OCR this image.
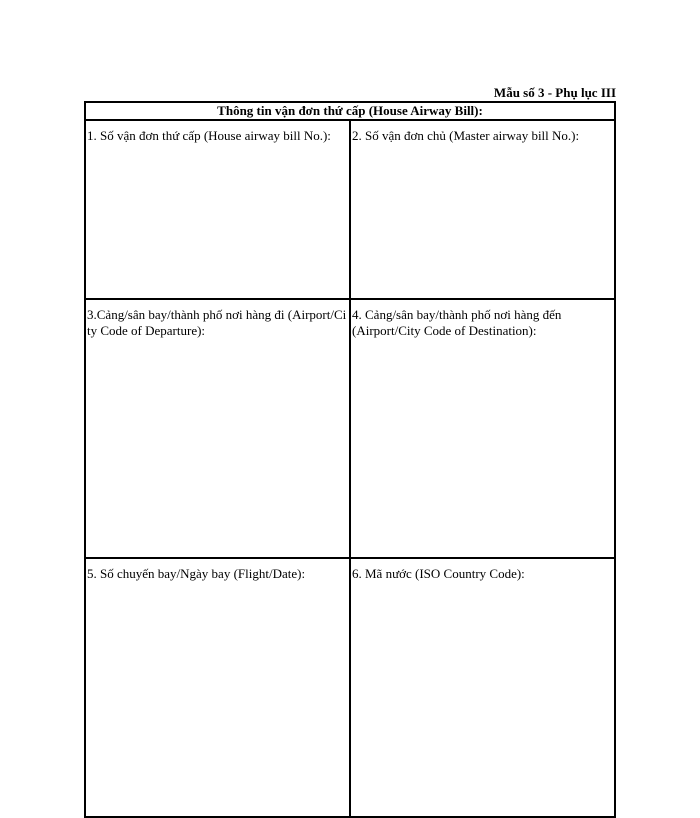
Mẫu số 3 - Phụ lục III
Thông tin vận đơn thứ cấp (House Airway Bill):	
1. Số vận đơn thứ cấp (House airway bill No.):	2. Số vận đơn chủ (Master airway bill No.):
3.Cảng/sân bay/thành phố nơi hàng đi (Airport/City Code of Departure):	4. Cảng/sân bay/thành phố nơi hàng đến (Airport/City Code of Destination):
5. Số chuyến bay/Ngày bay (Flight/Date):	6. Mã nước (ISO Country Code):
